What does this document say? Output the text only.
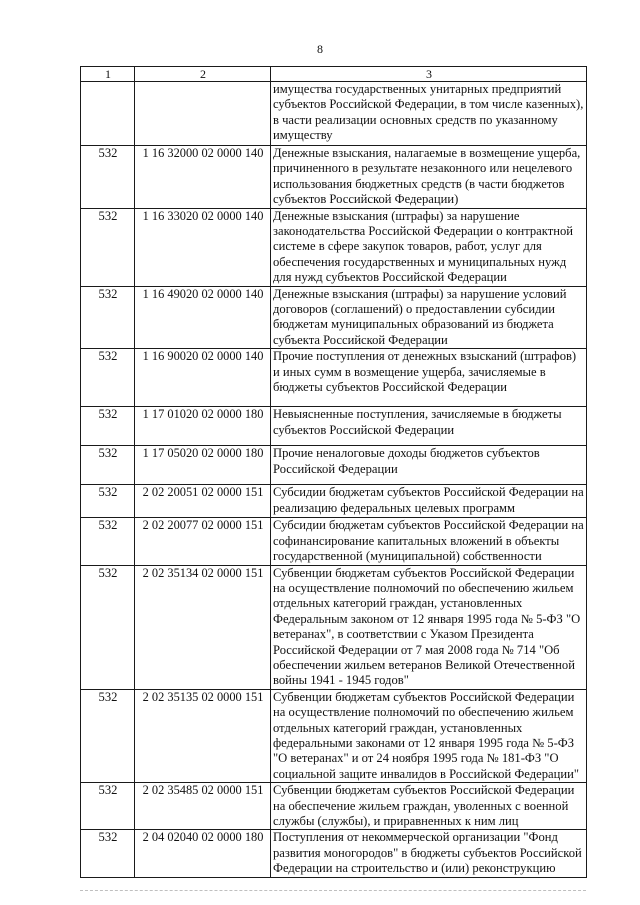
8
1	2	3
		имущества государственных унитарных предприятий субъектов Российской Федерации, в том числе казенных), в части реализации основных средств по указанному имуществу
532	1 16 32000 02 0000 140	Денежные взыскания, налагаемые в возмещение ущерба, причиненного в результате незаконного или нецелевого использования бюджетных средств (в части бюджетов субъектов Российской Федерации)
532	1 16 33020 02 0000 140	Денежные взыскания (штрафы) за нарушение законодательства Российской Федерации о контрактной системе в сфере закупок товаров, работ, услуг для обеспечения государственных и муниципальных нужд для нужд субъектов Российской Федерации
532	1 16 49020 02 0000 140	Денежные взыскания (штрафы) за нарушение условий договоров (соглашений) о предоставлении субсидии бюджетам муниципальных образований из бюджета субъекта Российской Федерации
532	1 16 90020 02 0000 140	Прочие поступления от денежных взысканий (штрафов) и иных сумм в возмещение ущерба, зачисляемые в бюджеты субъектов Российской Федерации
532	1 17 01020 02 0000 180	Невыясненные поступления, зачисляемые в бюджеты субъектов Российской Федерации
532	1 17 05020 02 0000 180	Прочие неналоговые доходы бюджетов субъектов Российской Федерации
532	2 02 20051 02 0000 151	Субсидии бюджетам субъектов Российской Федерации на реализацию федеральных целевых программ
532	2 02 20077 02 0000 151	Субсидии бюджетам субъектов Российской Федерации на софинансирование капитальных вложений в объекты государственной (муниципальной) собственности
532	2 02 35134 02 0000 151	Субвенции бюджетам субъектов Российской Федерации на осуществление полномочий по обеспечению жильем отдельных категорий граждан, установленных Федеральным законом от 12 января 1995 года № 5-ФЗ "О ветеранах", в соответствии с Указом Президента Российской Федерации от 7 мая 2008 года № 714 "Об обеспечении жильем ветеранов Великой Отечественной войны 1941 - 1945 годов"
532	2 02 35135 02 0000 151	Субвенции бюджетам субъектов Российской Федерации на осуществление полномочий по обеспечению жильем отдельных категорий граждан, установленных федеральными законами от 12 января 1995 года № 5-ФЗ "О ветеранах" и от 24 ноября 1995 года № 181-ФЗ "О социальной защите инвалидов в Российской Федерации"
532	2 02 35485 02 0000 151	Субвенции бюджетам субъектов Российской Федерации на обеспечение жильем граждан, уволенных с военной службы (службы), и приравненных к ним лиц
532	2 04 02040 02 0000 180	Поступления от некоммерческой организации "Фонд развития моногородов" в бюджеты субъектов Российской Федерации на строительство и (или) реконструкцию
